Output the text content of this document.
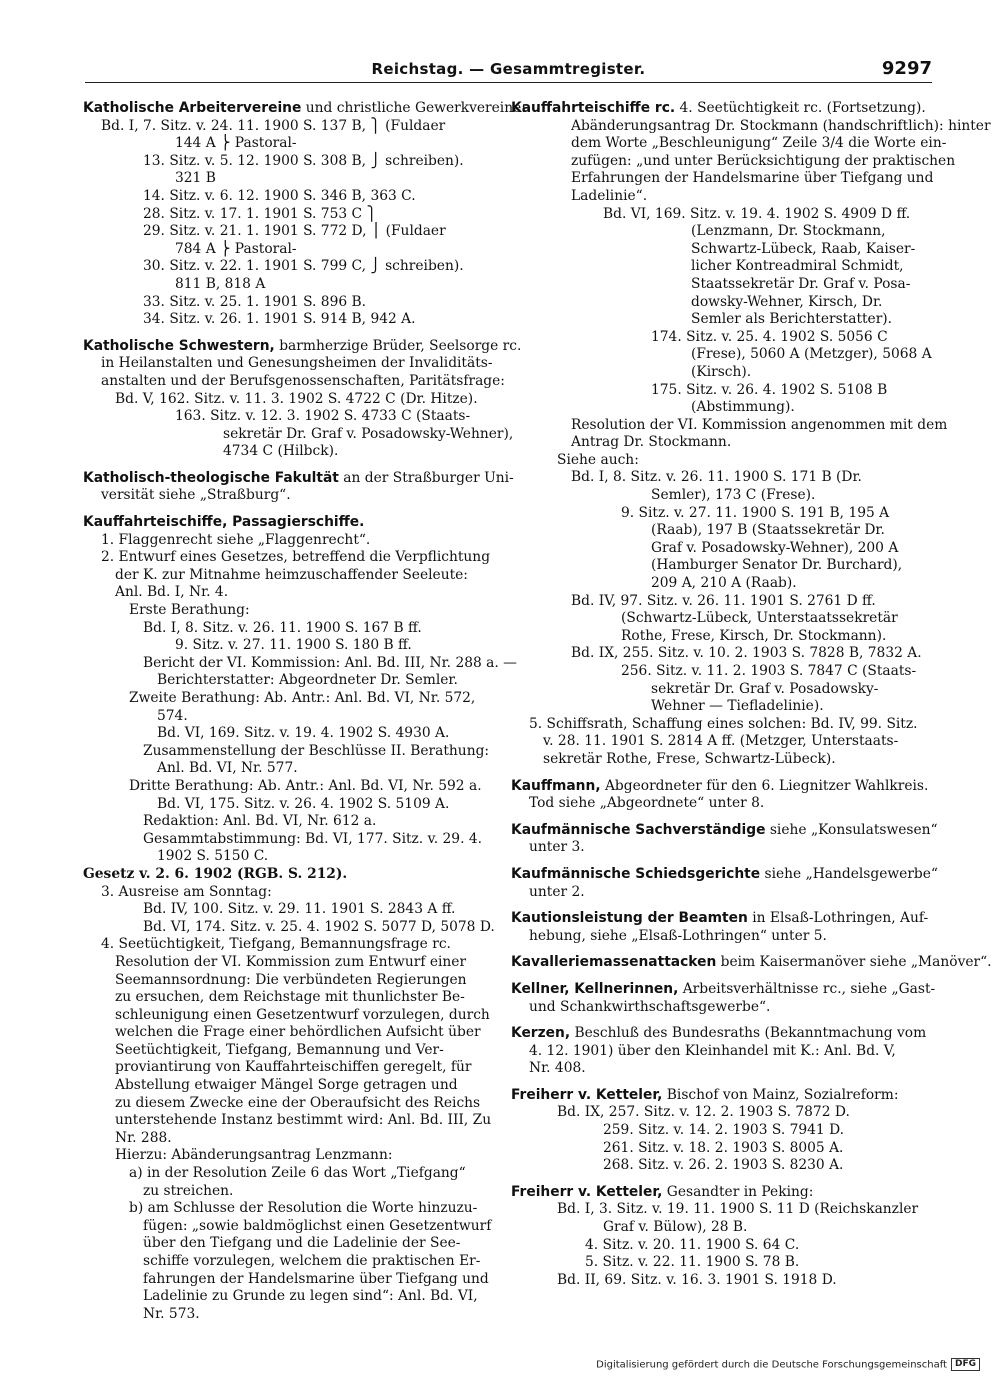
Reichstag. — Gesammtregister.	9297
Katholische Arbeitervereine und christliche Gewerkvereine:
Bd. I, 7. Sitz. v. 24. 11. 1900 S. 137 B, ⎫ (Fuldaer
144 A ⎬ Pastoral-
13. Sitz. v. 5. 12. 1900 S. 308 B, ⎭ schreiben).
321 B
14. Sitz. v. 6. 12. 1900 S. 346 B, 363 C.
28. Sitz. v. 17. 1. 1901 S. 753 C ⎫
29. Sitz. v. 21. 1. 1901 S. 772 D, ⎪ (Fuldaer
784 A ⎬ Pastoral-
30. Sitz. v. 22. 1. 1901 S. 799 C, ⎭ schreiben).
811 B, 818 A
33. Sitz. v. 25. 1. 1901 S. 896 B.
34. Sitz. v. 26. 1. 1901 S. 914 B, 942 A.
Katholische Schwestern, barmherzige Brüder, Seelsorge rc.
in Heilanstalten und Genesungsheimen der Invaliditäts-
anstalten und der Berufsgenossenschaften, Paritätsfrage:
Bd. V, 162. Sitz. v. 11. 3. 1902 S. 4722 C (Dr. Hitze).
163. Sitz. v. 12. 3. 1902 S. 4733 C (Staats-
sekretär Dr. Graf v. Posadowsky-Wehner),
4734 C (Hilbck).
Katholisch-theologische Fakultät an der Straßburger Uni-
versität siehe „Straßburg“.
Kauffahrteischiffe, Passagierschiffe.
1. Flaggenrecht siehe „Flaggenrecht“.
2. Entwurf eines Gesetzes, betreffend die Verpflichtung
der K. zur Mitnahme heimzuschaffender Seeleute:
Anl. Bd. I, Nr. 4.
Erste Berathung:
Bd. I, 8. Sitz. v. 26. 11. 1900 S. 167 B ff.
9. Sitz. v. 27. 11. 1900 S. 180 B ff.
Bericht der VI. Kommission: Anl. Bd. III, Nr. 288 a. —
Berichterstatter: Abgeordneter Dr. Semler.
Zweite Berathung: Ab. Antr.: Anl. Bd. VI, Nr. 572,
574.
Bd. VI, 169. Sitz. v. 19. 4. 1902 S. 4930 A.
Zusammenstellung der Beschlüsse II. Berathung:
Anl. Bd. VI, Nr. 577.
Dritte Berathung: Ab. Antr.: Anl. Bd. VI, Nr. 592 a.
Bd. VI, 175. Sitz. v. 26. 4. 1902 S. 5109 A.
Redaktion: Anl. Bd. VI, Nr. 612 a.
Gesammtabstimmung: Bd. VI, 177. Sitz. v. 29. 4.
1902 S. 5150 C.
Gesetz v. 2. 6. 1902 (RGB. S. 212).
3. Ausreise am Sonntag:
Bd. IV, 100. Sitz. v. 29. 11. 1901 S. 2843 A ff.
Bd. VI, 174. Sitz. v. 25. 4. 1902 S. 5077 D, 5078 D.
4. Seetüchtigkeit, Tiefgang, Bemannungsfrage rc.
Resolution der VI. Kommission zum Entwurf einer
Seemannsordnung: Die verbündeten Regierungen
zu ersuchen, dem Reichstage mit thunlichster Be-
schleunigung einen Gesetzentwurf vorzulegen, durch
welchen die Frage einer behördlichen Aufsicht über
Seetüchtigkeit, Tiefgang, Bemannung und Ver-
proviantirung von Kauffahrteischiffen geregelt, für
Abstellung etwaiger Mängel Sorge getragen und
zu diesem Zwecke eine der Oberaufsicht des Reichs
unterstehende Instanz bestimmt wird: Anl. Bd. III, Zu
Nr. 288.
Hierzu: Abänderungsantrag Lenzmann:
a) in der Resolution Zeile 6 das Wort „Tiefgang“
zu streichen.
b) am Schlusse der Resolution die Worte hinzuzu-
fügen: „sowie baldmöglichst einen Gesetzentwurf
über den Tiefgang und die Ladelinie der See-
schiffe vorzulegen, welchem die praktischen Er-
fahrungen der Handelsmarine über Tiefgang und
Ladelinie zu Grunde zu legen sind“: Anl. Bd. VI,
Nr. 573.
Kauffahrteischiffe rc. 4. Seetüchtigkeit rc. (Fortsetzung).
Abänderungsantrag Dr. Stockmann (handschriftlich): hinter
dem Worte „Beschleunigung“ Zeile 3/4 die Worte ein-
zufügen: „und unter Berücksichtigung der praktischen
Erfahrungen der Handelsmarine über Tiefgang und
Ladelinie“.
Bd. VI, 169. Sitz. v. 19. 4. 1902 S. 4909 D ff.
(Lenzmann, Dr. Stockmann,
Schwartz-Lübeck, Raab, Kaiser-
licher Kontreadmiral Schmidt,
Staatssekretär Dr. Graf v. Posa-
dowsky-Wehner, Kirsch, Dr.
Semler als Berichterstatter).
174. Sitz. v. 25. 4. 1902 S. 5056 C
(Frese), 5060 A (Metzger), 5068 A
(Kirsch).
175. Sitz. v. 26. 4. 1902 S. 5108 B
(Abstimmung).
Resolution der VI. Kommission angenommen mit dem
Antrag Dr. Stockmann.
Siehe auch:
Bd. I, 8. Sitz. v. 26. 11. 1900 S. 171 B (Dr.
Semler), 173 C (Frese).
9. Sitz. v. 27. 11. 1900 S. 191 B, 195 A
(Raab), 197 B (Staatssekretär Dr.
Graf v. Posadowsky-Wehner), 200 A
(Hamburger Senator Dr. Burchard),
209 A, 210 A (Raab).
Bd. IV, 97. Sitz. v. 26. 11. 1901 S. 2761 D ff.
(Schwartz-Lübeck, Unterstaatssekretär
Rothe, Frese, Kirsch, Dr. Stockmann).
Bd. IX, 255. Sitz. v. 10. 2. 1903 S. 7828 B, 7832 A.
256. Sitz. v. 11. 2. 1903 S. 7847 C (Staats-
sekretär Dr. Graf v. Posadowsky-
Wehner — Tiefladelinie).
5. Schiffsrath, Schaffung eines solchen: Bd. IV, 99. Sitz.
v. 28. 11. 1901 S. 2814 A ff. (Metzger, Unterstaats-
sekretär Rothe, Frese, Schwartz-Lübeck).
Kauffmann, Abgeordneter für den 6. Liegnitzer Wahlkreis.
Tod siehe „Abgeordnete“ unter 8.
Kaufmännische Sachverständige siehe „Konsulatswesen“
unter 3.
Kaufmännische Schiedsgerichte siehe „Handelsgewerbe“
unter 2.
Kautionsleistung der Beamten in Elsaß-Lothringen, Auf-
hebung, siehe „Elsaß-Lothringen“ unter 5.
Kavalleriemassenattacken beim Kaisermanöver siehe „Manöver“.
Kellner, Kellnerinnen, Arbeitsverhältnisse rc., siehe „Gast-
und Schankwirthschaftsgewerbe“.
Kerzen, Beschluß des Bundesraths (Bekanntmachung vom
4. 12. 1901) über den Kleinhandel mit K.: Anl. Bd. V,
Nr. 408.
Freiherr v. Ketteler, Bischof von Mainz, Sozialreform:
Bd. IX, 257. Sitz. v. 12. 2. 1903 S. 7872 D.
259. Sitz. v. 14. 2. 1903 S. 7941 D.
261. Sitz. v. 18. 2. 1903 S. 8005 A.
268. Sitz. v. 26. 2. 1903 S. 8230 A.
Freiherr v. Ketteler, Gesandter in Peking:
Bd. I, 3. Sitz. v. 19. 11. 1900 S. 11 D (Reichskanzler
Graf v. Bülow), 28 B.
4. Sitz. v. 20. 11. 1900 S. 64 C.
5. Sitz. v. 22. 11. 1900 S. 78 B.
Bd. II, 69. Sitz. v. 16. 3. 1901 S. 1918 D.
Digitalisierung gefördert durch die Deutsche Forschungsgemeinschaft DFG
